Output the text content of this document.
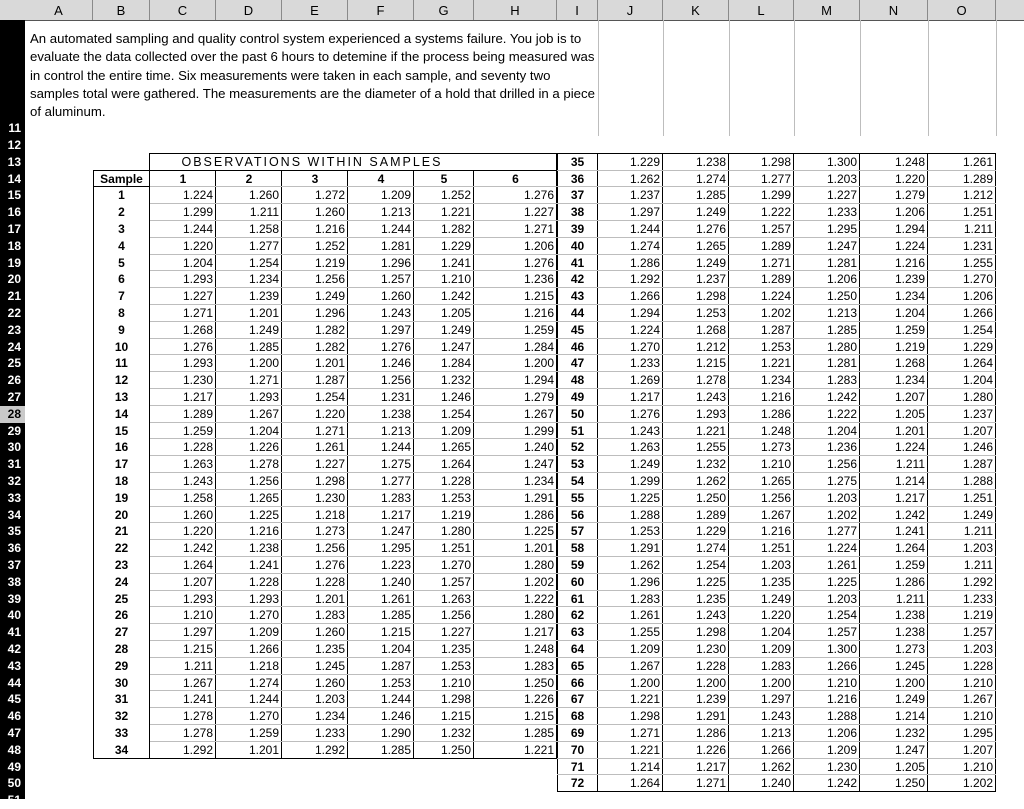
A	B	C	D	E	F	G	H	I	J	K	L	M	N	O
11
12
13
14
15
16
17
18
19
20
21
22
23
24
25
26
27
28
29
30
31
32
33
34
35
36
37
38
39
40
41
42
43
44
45
46
47
48
49
50
51
An automated sampling and quality control system experienced a systems failure. You job is to evaluate the data collected over the past 6 hours to detemine if the process being measured was in control the entire time. Six measurements were taken in each sample, and seventy two samples total were gathered. The measurements are the diameter of a hold that drilled in a piece of aluminum.
OBSERVATIONS WITHIN SAMPLES
Sample	1	2	3	4	5	6
1	1.224	1.260	1.272	1.209	1.252	1.276
2	1.299	1.211	1.260	1.213	1.221	1.227
3	1.244	1.258	1.216	1.244	1.282	1.271
4	1.220	1.277	1.252	1.281	1.229	1.206
5	1.204	1.254	1.219	1.296	1.241	1.276
6	1.293	1.234	1.256	1.257	1.210	1.236
7	1.227	1.239	1.249	1.260	1.242	1.215
8	1.271	1.201	1.296	1.243	1.205	1.216
9	1.268	1.249	1.282	1.297	1.249	1.259
10	1.276	1.285	1.282	1.276	1.247	1.284
11	1.293	1.200	1.201	1.246	1.284	1.200
12	1.230	1.271	1.287	1.256	1.232	1.294
13	1.217	1.293	1.254	1.231	1.246	1.279
14	1.289	1.267	1.220	1.238	1.254	1.267
15	1.259	1.204	1.271	1.213	1.209	1.299
16	1.228	1.226	1.261	1.244	1.265	1.240
17	1.263	1.278	1.227	1.275	1.264	1.247
18	1.243	1.256	1.298	1.277	1.228	1.234
19	1.258	1.265	1.230	1.283	1.253	1.291
20	1.260	1.225	1.218	1.217	1.219	1.286
21	1.220	1.216	1.273	1.247	1.280	1.225
22	1.242	1.238	1.256	1.295	1.251	1.201
23	1.264	1.241	1.276	1.223	1.270	1.280
24	1.207	1.228	1.228	1.240	1.257	1.202
25	1.293	1.293	1.201	1.261	1.263	1.222
26	1.210	1.270	1.283	1.285	1.256	1.280
27	1.297	1.209	1.260	1.215	1.227	1.217
28	1.215	1.266	1.235	1.204	1.235	1.248
29	1.211	1.218	1.245	1.287	1.253	1.283
30	1.267	1.274	1.260	1.253	1.210	1.250
31	1.241	1.244	1.203	1.244	1.298	1.226
32	1.278	1.270	1.234	1.246	1.215	1.215
33	1.278	1.259	1.233	1.290	1.232	1.285
34	1.292	1.201	1.292	1.285	1.250	1.221
35	1.229	1.238	1.298	1.300	1.248	1.261
36	1.262	1.274	1.277	1.203	1.220	1.289
37	1.237	1.285	1.299	1.227	1.279	1.212
38	1.297	1.249	1.222	1.233	1.206	1.251
39	1.244	1.276	1.257	1.295	1.294	1.211
40	1.274	1.265	1.289	1.247	1.224	1.231
41	1.286	1.249	1.271	1.281	1.216	1.255
42	1.292	1.237	1.289	1.206	1.239	1.270
43	1.266	1.298	1.224	1.250	1.234	1.206
44	1.294	1.253	1.202	1.213	1.204	1.266
45	1.224	1.268	1.287	1.285	1.259	1.254
46	1.270	1.212	1.253	1.280	1.219	1.229
47	1.233	1.215	1.221	1.281	1.268	1.264
48	1.269	1.278	1.234	1.283	1.234	1.204
49	1.217	1.243	1.216	1.242	1.207	1.280
50	1.276	1.293	1.286	1.222	1.205	1.237
51	1.243	1.221	1.248	1.204	1.201	1.207
52	1.263	1.255	1.273	1.236	1.224	1.246
53	1.249	1.232	1.210	1.256	1.211	1.287
54	1.299	1.262	1.265	1.275	1.214	1.288
55	1.225	1.250	1.256	1.203	1.217	1.251
56	1.288	1.289	1.267	1.202	1.242	1.249
57	1.253	1.229	1.216	1.277	1.241	1.211
58	1.291	1.274	1.251	1.224	1.264	1.203
59	1.262	1.254	1.203	1.261	1.259	1.211
60	1.296	1.225	1.235	1.225	1.286	1.292
61	1.283	1.235	1.249	1.203	1.211	1.233
62	1.261	1.243	1.220	1.254	1.238	1.219
63	1.255	1.298	1.204	1.257	1.238	1.257
64	1.209	1.230	1.209	1.300	1.273	1.203
65	1.267	1.228	1.283	1.266	1.245	1.228
66	1.200	1.200	1.200	1.210	1.200	1.210
67	1.221	1.239	1.297	1.216	1.249	1.267
68	1.298	1.291	1.243	1.288	1.214	1.210
69	1.271	1.286	1.213	1.206	1.232	1.295
70	1.221	1.226	1.266	1.209	1.247	1.207
71	1.214	1.217	1.262	1.230	1.205	1.210
72	1.264	1.271	1.240	1.242	1.250	1.202
